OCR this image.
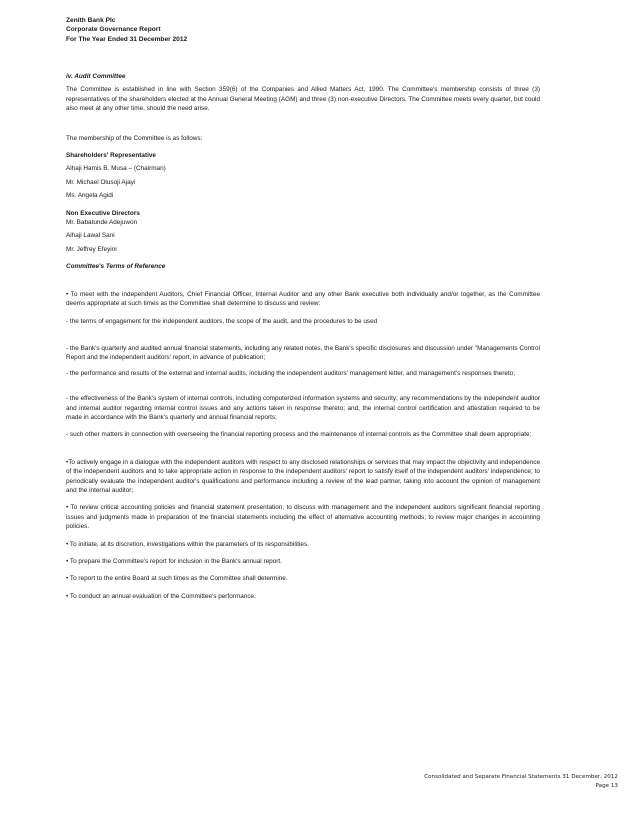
Zenith Bank Plc
Corporate Governance Report
For The Year Ended 31 December 2012

iv. Audit Committee

The Committee is established in line with Section 359(6) of the Companies and Allied Matters Act, 1990. The Committee's membership consists of three (3) representatives of the shareholders elected at the Annual General Meeting (AGM) and three (3) non-executive Directors. The Committee meets every quarter, but could also meet at any other time, should the need arise.

The membership of the Committee is as follows:

Shareholders' Representative

Alhaji Hamis B. Musa – (Chairman)

Mr. Michael Olusoji Ajayi

Ms. Angela Agidi

Non Executive Directors

Mr. Babatunde Adejuwon

Alhaji Lawal Sani

Mr. Jeffrey Efeyini

Committee's Terms of Reference

• To meet with the independent Auditors, Chief Financial Officer, Internal Auditor and any other Bank executive both individually and/or together, as the Committee deems appropriate at such times as the Committee shall determine to discuss and review:

- the terms of engagement for the independent auditors, the scope of the audit, and the procedures to be used

- the Bank's quarterly and audited annual financial statements, including any related notes, the Bank's specific disclosures and discussion under "Managements Control Report and the independent auditors' report, in advance of publication;

- the performance and results of the external and internal audits, including the independent auditors' management letter, and management's responses thereto;

- the effectiveness of the Bank's system of internal controls, including computerized information systems and security; any recommendations by the independent auditor and internal auditor regarding internal control issues and any actions taken in response thereto; and, the internal control certification and attestation required to be made in accordance with the Bank's quarterly and annual financial reports;

- such other matters in connection with overseeing the financial reporting process and the maintenance of internal controls as the Committee shall deem appropriate;

•To actively engage in a dialogue with the independent auditors with respect to any disclosed relationships or services that may impact the objectivity and independence of the independent auditors and to take appropriate action in response to the independent auditors' report to satisfy itself of the independent auditors' independence; to periodically evaluate the independent auditor's qualifications and performance including a review of the lead partner, taking into account the opinion of management and the internal auditor;

• To review critical accounting policies and financial statement presentation; to discuss with management and the independent auditors significant financial reporting issues and judgments made in preparation of the financial statements including the effect of alternative accounting methods; to review major changes in accounting policies.

• To initiate, at its discretion, investigations within the parameters of its responsibilities.

• To prepare the Committee's report for inclusion in the Bank's annual report.

• To report to the entire Board at such times as the Committee shall determine.

• To conduct an annual evaluation of the Committee's performance.

Consolidated and Separate Financial Statements 31 December, 2012
Page 13
